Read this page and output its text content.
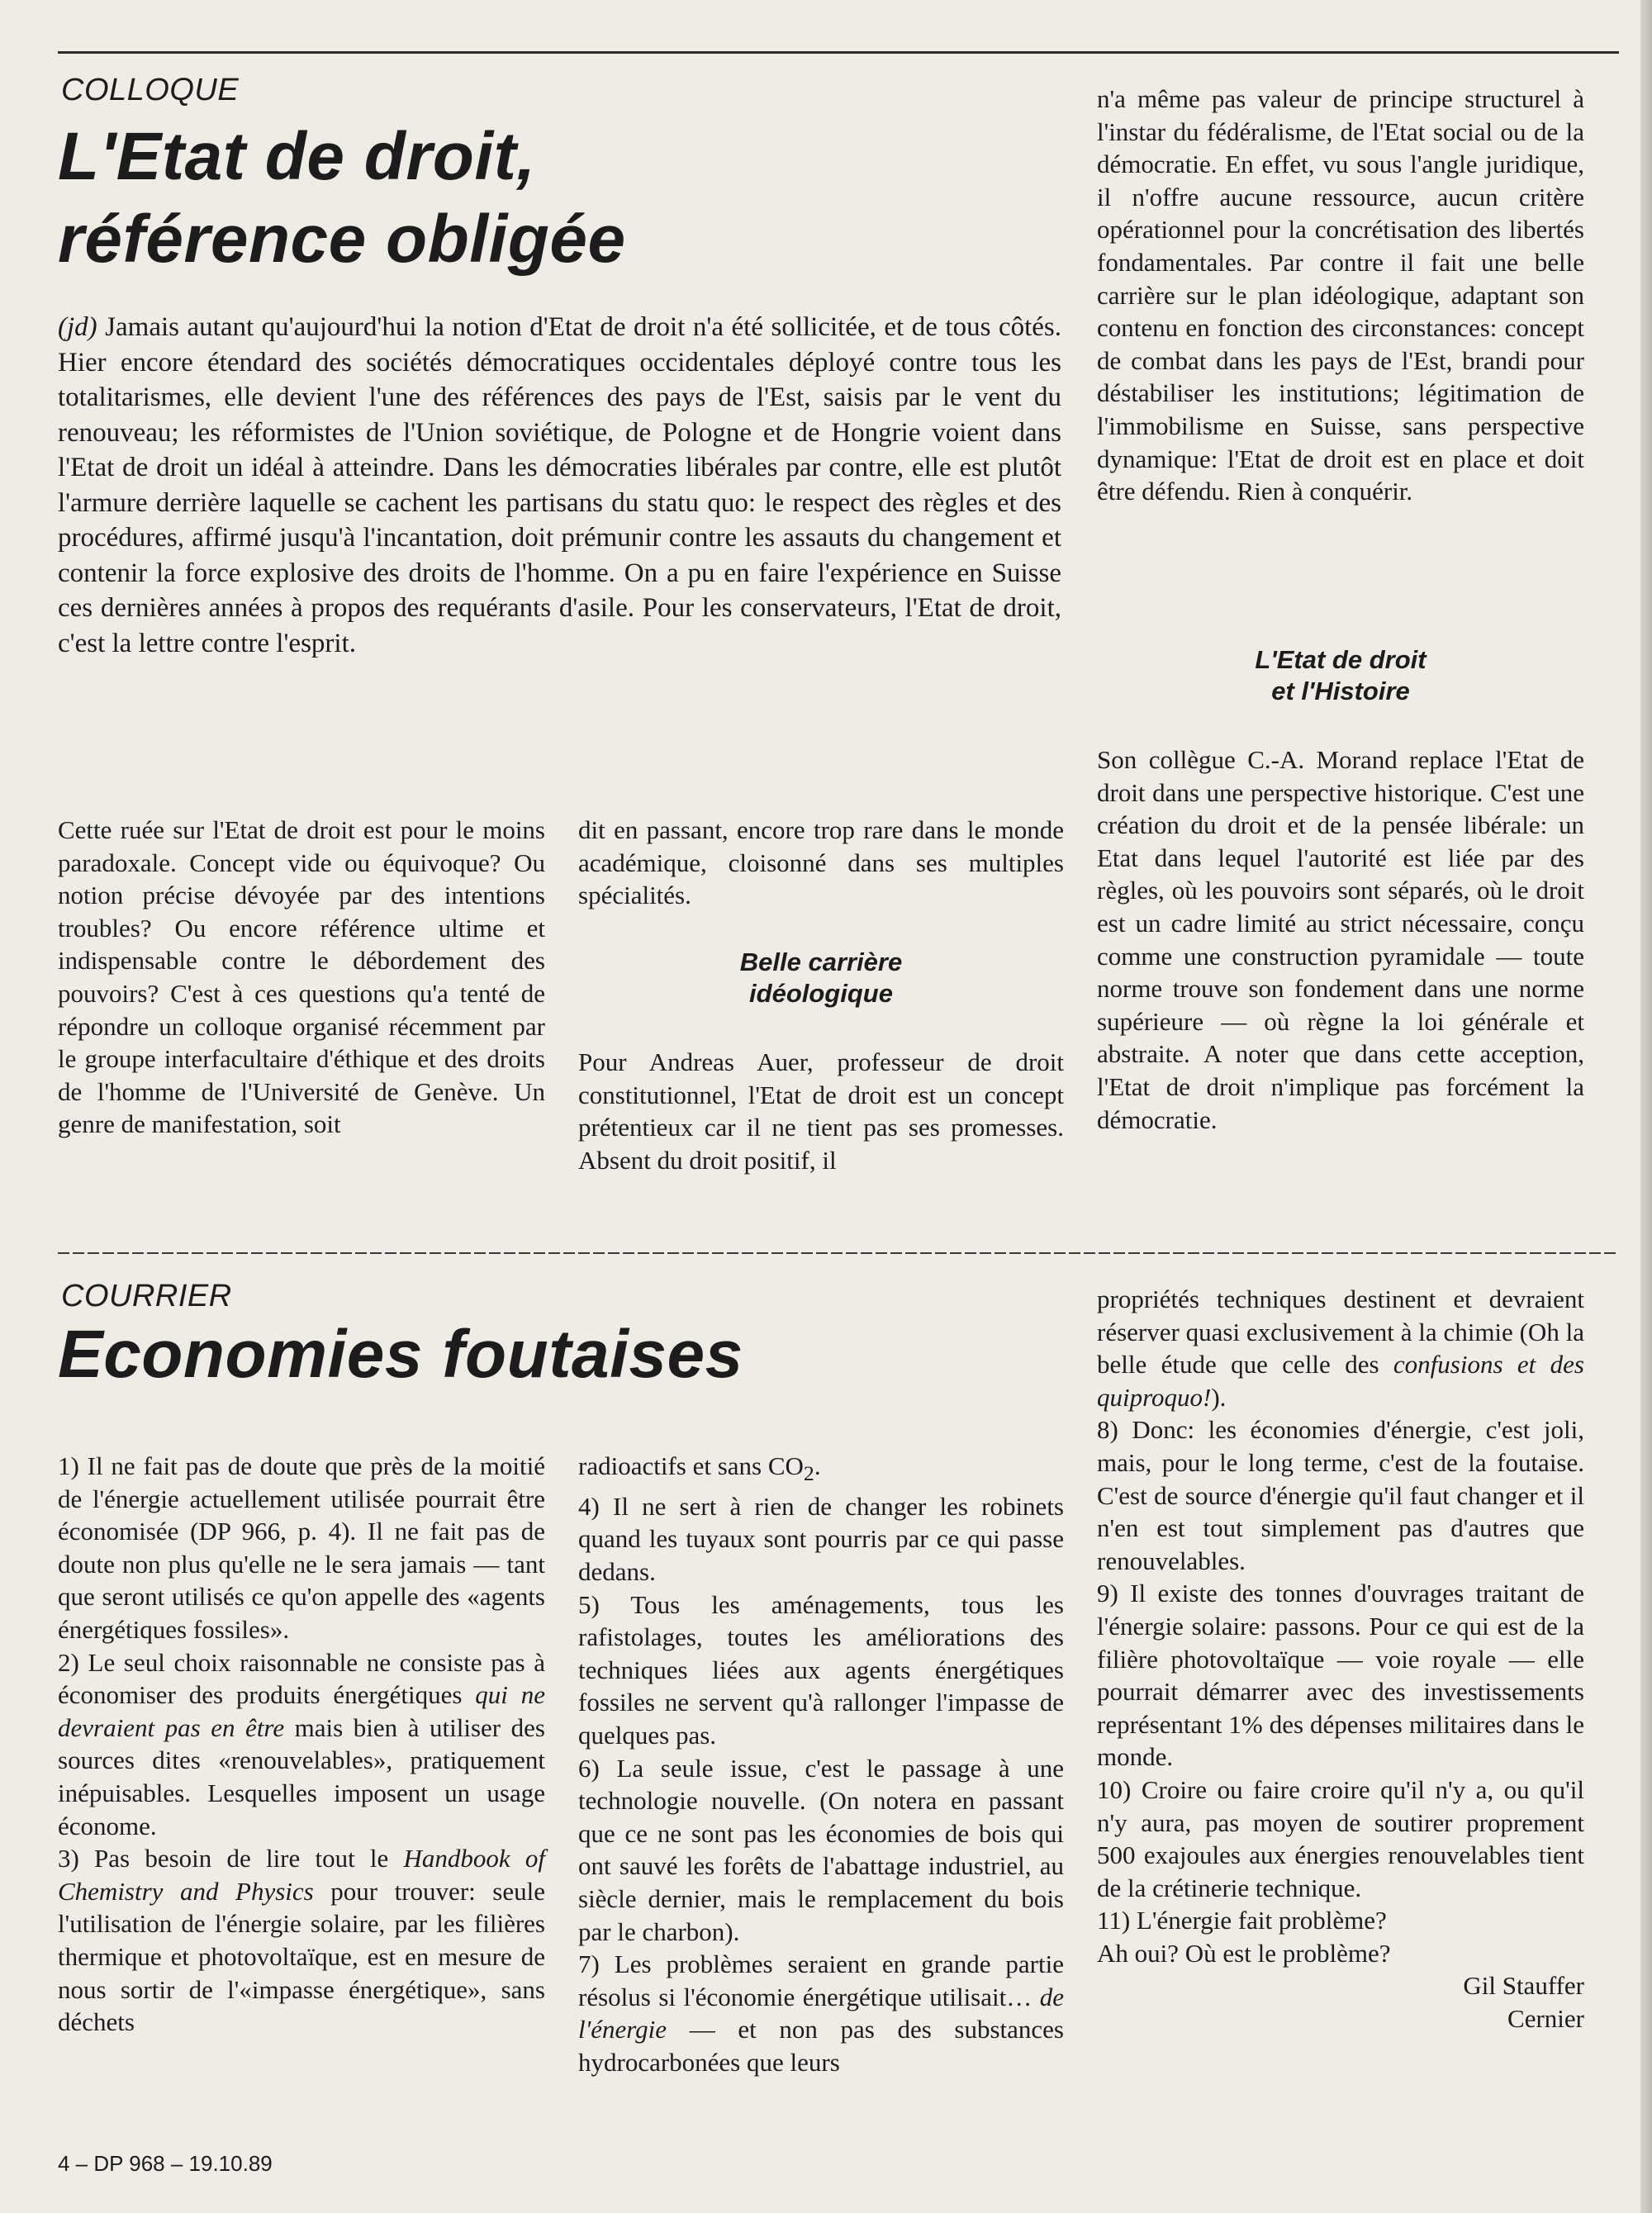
COLLOQUE

L'Etat de droit,
référence obligée

(jd) Jamais autant qu'aujourd'hui la notion d'Etat de droit n'a été sollicitée, et de tous côtés. Hier encore étendard des sociétés démocratiques occidentales déployé contre tous les totalitarismes, elle devient l'une des références des pays de l'Est, saisis par le vent du renouveau; les réformistes de l'Union soviétique, de Pologne et de Hongrie voient dans l'Etat de droit un idéal à atteindre. Dans les démocraties libérales par contre, elle est plutôt l'armure derrière laquelle se cachent les partisans du statu quo: le respect des règles et des procédures, affirmé jusqu'à l'incantation, doit prémunir contre les assauts du changement et contenir la force explosive des droits de l'homme. On a pu en faire l'expérience en Suisse ces dernières années à propos des requérants d'asile. Pour les conservateurs, l'Etat de droit, c'est la lettre contre l'esprit.

Cette ruée sur l'Etat de droit est pour le moins paradoxale. Concept vide ou équivoque? Ou notion précise dévoyée par des intentions troubles? Ou encore référence ultime et indispensable contre le débordement des pouvoirs? C'est à ces questions qu'a tenté de répondre un colloque organisé récemment par le groupe interfacultaire d'éthique et des droits de l'homme de l'Université de Genève. Un genre de manifestation, soit

dit en passant, encore trop rare dans le monde académique, cloisonné dans ses multiples spécialités.

Belle carrière
idéologique

Pour Andreas Auer, professeur de droit constitutionnel, l'Etat de droit est un concept prétentieux car il ne tient pas ses promesses. Absent du droit positif, il

n'a même pas valeur de principe structurel à l'instar du fédéralisme, de l'Etat social ou de la démocratie. En effet, vu sous l'angle juridique, il n'offre aucune ressource, aucun critère opérationnel pour la concrétisation des libertés fondamentales. Par contre il fait une belle carrière sur le plan idéologique, adaptant son contenu en fonction des circonstances: concept de combat dans les pays de l'Est, brandi pour déstabiliser les institutions; légitimation de l'immobilisme en Suisse, sans perspective dynamique: l'Etat de droit est en place et doit être défendu. Rien à conquérir.

L'Etat de droit
et l'Histoire

Son collègue C.-A. Morand replace l'Etat de droit dans une perspective historique. C'est une création du droit et de la pensée libérale: un Etat dans lequel l'autorité est liée par des règles, où les pouvoirs sont séparés, où le droit est un cadre limité au strict nécessaire, conçu comme une construction pyramidale — toute norme trouve son fondement dans une norme supérieure — où règne la loi générale et abstraite. A noter que dans cette acception, l'Etat de droit n'implique pas forcément la démocratie.

COURRIER

Economies foutaises

1) Il ne fait pas de doute que près de la moitié de l'énergie actuellement utilisée pourrait être économisée (DP 966, p. 4). Il ne fait pas de doute non plus qu'elle ne le sera jamais — tant que seront utilisés ce qu'on appelle des «agents énergétiques fossiles».

2) Le seul choix raisonnable ne consiste pas à économiser des produits énergétiques qui ne devraient pas en être mais bien à utiliser des sources dites «renouvelables», pratiquement inépuisables. Lesquelles imposent un usage économe.

3) Pas besoin de lire tout le Handbook of Chemistry and Physics pour trouver: seule l'utilisation de l'énergie solaire, par les filières thermique et photovoltaïque, est en mesure de nous sortir de l'«impasse énergétique», sans déchets

radioactifs et sans $CO_2$.

4) Il ne sert à rien de changer les robinets quand les tuyaux sont pourris par ce qui passe dedans.

5) Tous les aménagements, tous les rafistolages, toutes les améliorations des techniques liées aux agents énergétiques fossiles ne servent qu'à rallonger l'impasse de quelques pas.

6) La seule issue, c'est le passage à une technologie nouvelle. (On notera en passant que ce ne sont pas les économies de bois qui ont sauvé les forêts de l'abattage industriel, au siècle dernier, mais le remplacement du bois par le charbon).

7) Les problèmes seraient en grande partie résolus si l'économie énergétique utilisait… de l'énergie — et non pas des substances hydrocarbonées que leurs

propriétés techniques destinent et devraient réserver quasi exclusivement à la chimie (Oh la belle étude que celle des confusions et des quiproquo!).

8) Donc: les économies d'énergie, c'est joli, mais, pour le long terme, c'est de la foutaise. C'est de source d'énergie qu'il faut changer et il n'en est tout simplement pas d'autres que renouvelables.

9) Il existe des tonnes d'ouvrages traitant de l'énergie solaire: passons. Pour ce qui est de la filière photovoltaïque — voie royale — elle pourrait démarrer avec des investissements représentant 1% des dépenses militaires dans le monde.

10) Croire ou faire croire qu'il n'y a, ou qu'il n'y aura, pas moyen de soutirer proprement 500 exajoules aux énergies renouvelables tient de la crétinerie technique.

11) L'énergie fait problème?
Ah oui? Où est le problème?

Gil Stauffer
Cernier

4 – DP 968 – 19.10.89
